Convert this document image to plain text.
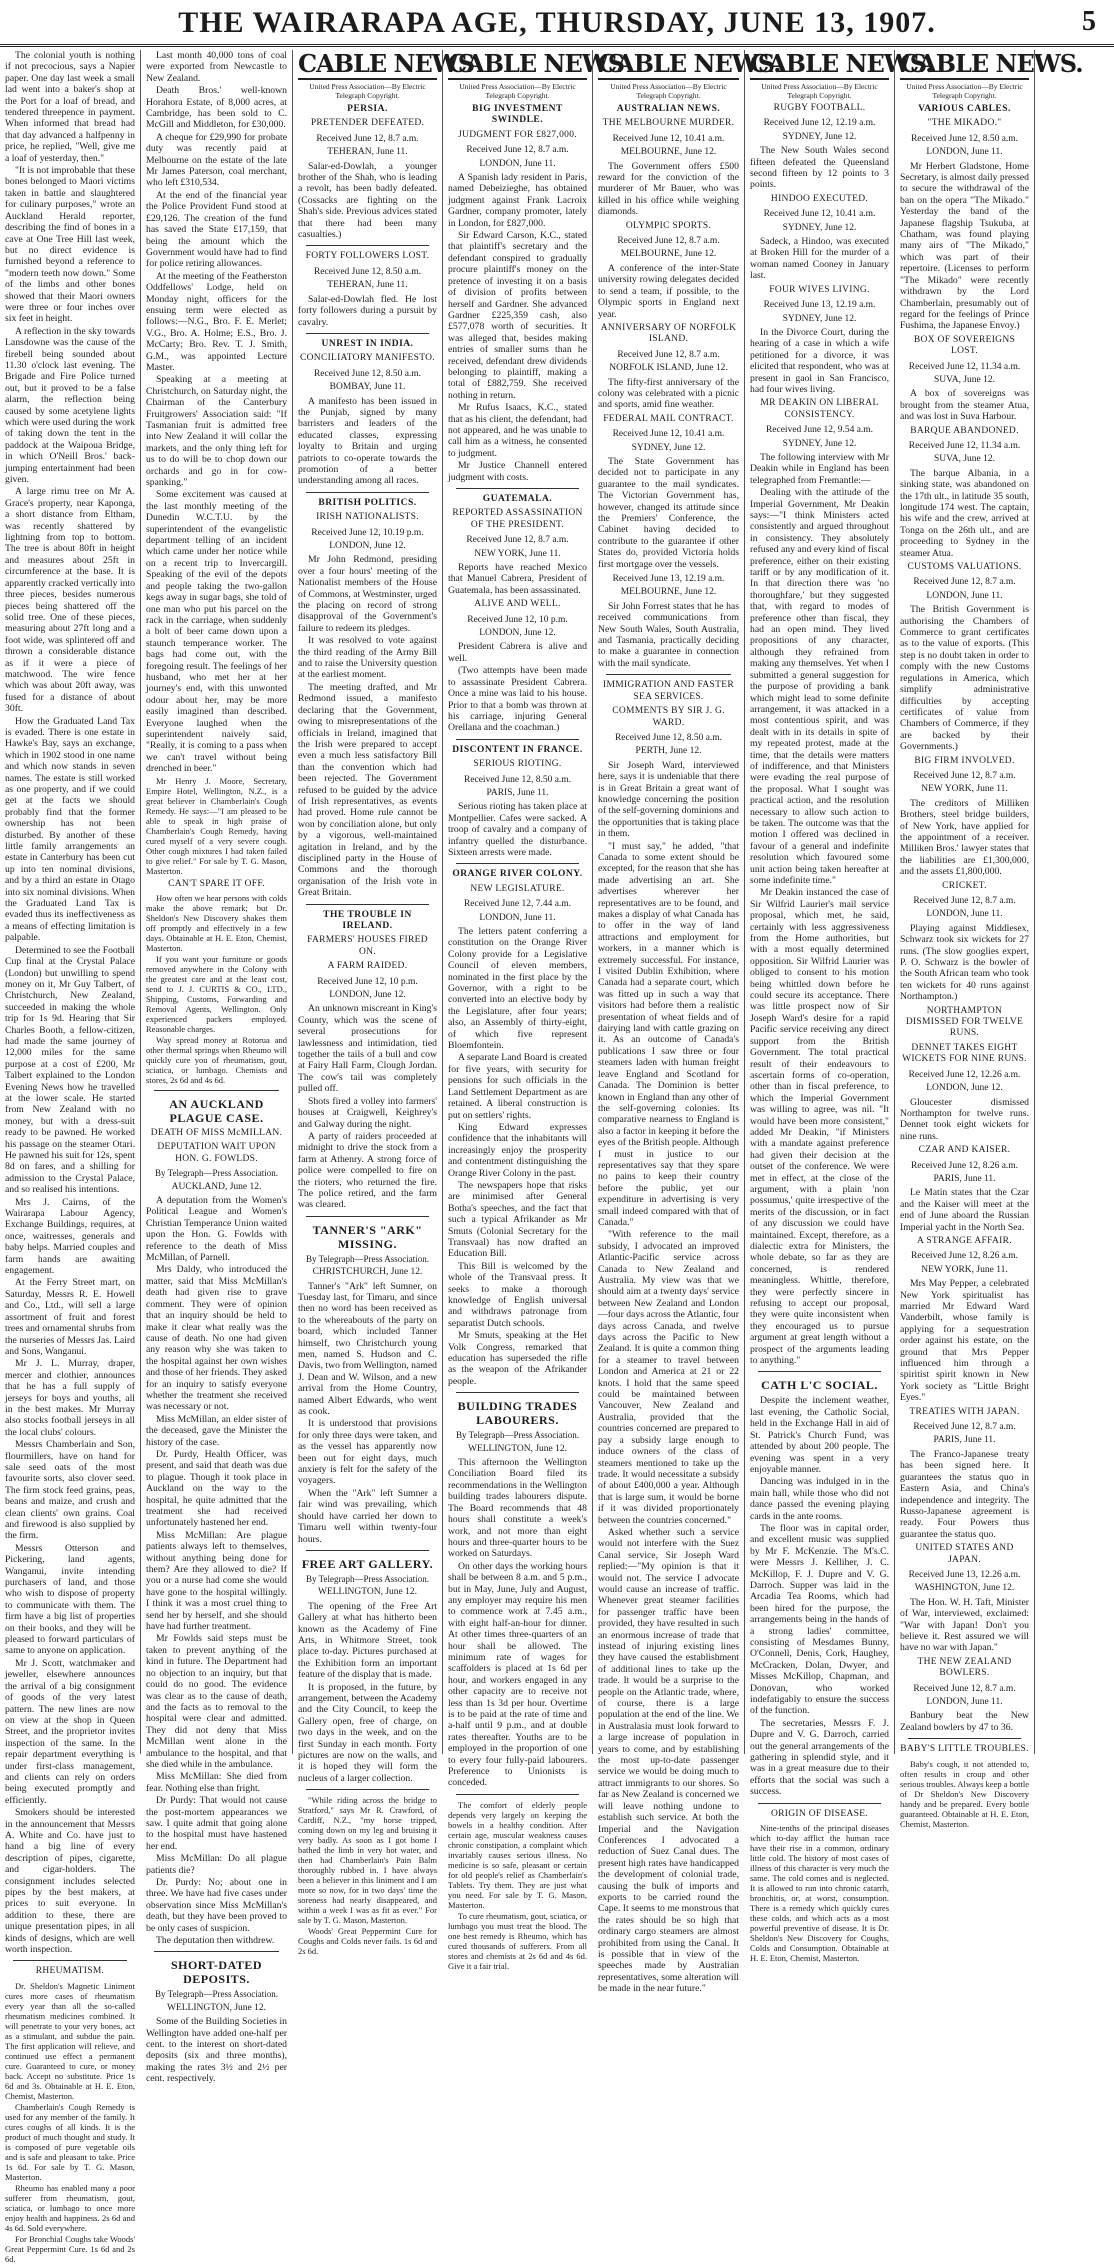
THE WAIRARAPA AGE, THURSDAY, JUNE 13, 1907.	5

The colonial youth is nothing if not precocious, says a Napier paper. One day last week a small lad went into a baker's shop at the Port for a loaf of bread, and tendered threepence in payment. When informed that bread had that day advanced a halfpenny in price, he replied, "Well, give me a loaf of yesterday, then."

"It is not improbable that these bones belonged to Maori victims taken in battle and slaughtered for culinary purposes," wrote an Auckland Herald reporter, describing the find of bones in a cave at One Tree Hill last week, but no direct evidence is furnished beyond a reference to "modern teeth now down." Some of the limbs and other bones showed that their Maori owners were three or four inches over six feet in height.

A reflection in the sky towards Lansdowne was the cause of the firebell being sounded about 11.30 o'clock last evening. The Brigade and Fire Police turned out, but it proved to be a false alarm, the reflection being caused by some acetylene lights which were used during the work of taking down the tent in the paddock at the Waipoua Bridge, in which O'Neill Bros.' back-jumping entertainment had been given.

A large rimu tree on Mr A. Grace's property, near Kaponga, a short distance from Eltham, was recently shattered by lightning from top to bottom. The tree is about 80ft in height and measures about 25ft in circumference at the base. It is apparently cracked vertically into three pieces, besides numerous pieces being shattered off the solid tree. One of these pieces, measuring about 27ft long and a foot wide, was splintered off and thrown a considerable distance as if it were a piece of matchwood. The wire fence which was about 20ft away, was fused for a distance of about 30ft.

How the Graduated Land Tax is evaded. There is one estate in Hawke's Bay, says an exchange, which in 1902 stood in one name and which now stands in seven names. The estate is still worked as one property, and if we could get at the facts we should probably find that the former ownership has not been disturbed. By another of these little family arrangements an estate in Canterbury has been cut up into ten nominal divisions, and by a third an estate in Otago into six nominal divisions. When the Graduated Land Tax is evaded thus its ineffectiveness as a means of effecting limitation is palpable.

Determined to see the Football Cup final at the Crystal Palace (London) but unwilling to spend money on it, Mr Guy Talbert, of Christchurch, New Zealand, succeeded in making the whole trip for 1s 9d. Hearing that Sir Charles Booth, a fellow-citizen, had made the same journey of 12,000 miles for the same purpose at a cost of £200, Mr Talbert explained to the London Evening News how he travelled at the lower scale. He started from New Zealand with no money, but with a dress-suit ready to be pawned. He worked his passage on the steamer Otari. He pawned his suit for 12s, spent 8d on fares, and a shilling for admission to the Crystal Palace, and so realised his intentions.

Mrs J. Cairns, of the Wairarapa Labour Agency, Exchange Buildings, requires, at once, waitresses, generals and baby helps. Married couples and farm hands are awaiting engagement.

At the Ferry Street mart, on Saturday, Messrs R. E. Howell and Co., Ltd., will sell a large assortment of fruit and forest trees and ornamental shrubs from the nurseries of Messrs Jas. Laird and Sons, Wanganui.

Mr J. L. Murray, draper, mercer and clothier, announces that he has a full supply of jerseys for boys and youths, all in the best makes. Mr Murray also stocks football jerseys in all the local clubs' colours.

Messrs Chamberlain and Son, flourmillers, have on hand for sale seed oats of the most favourite sorts, also clover seed. The firm stock feed grains, peas, beans and maize, and crush and clean clients' own grains. Coal and firewood is also supplied by the firm.

Messrs Otterson and Pickering, land agents, Wanganui, invite intending purchasers of land, and those who wish to dispose of property to communicate with them. The firm have a big list of properties on their books, and they will be pleased to forward particulars of same to anyone on application.

Mr J. Scott, watchmaker and jeweller, elsewhere announces the arrival of a big consignment of goods of the very latest pattern. The new lines are now on view at the shop in Queen Street, and the proprietor invites inspection of the same. In the repair department everything is under first-class management, and clients can rely on orders being executed promptly and efficiently.

Smokers should be interested in the announcement that Messrs A. White and Co. have just to hand a big line of every description of pipes, cigarette, and cigar-holders. The consignment includes selected pipes by the best makers, at prices to suit everyone. In addition to these, there are unique presentation pipes, in all kinds of designs, which are well worth inspection.

RHEUMATISM.

Dr. Sheldon's Magnetic Liniment cures more cases of rheumatism every year than all the so-called rheumatism medicines combined. It will penetrate to your very bones, act as a stimulant, and subdue the pain. The first application will relieve, and continued use effect a permanent cure. Guaranteed to cure, or money back. Accept no substitute. Price 1s 6d and 3s. Obtainable at H. E. Eton, Chemist, Masterton.

Chamberlain's Cough Remedy is used for any member of the family. It cures coughs of all kinds. It is the product of much thought and study. It is composed of pure vegetable oils and is safe and pleasant to take. Price 1s 6d. For sale by T. G. Mason, Masterton.

Rheumo has enabled many a poor sufferer from rheumatism, gout, sciatica, or lumbago to once more enjoy health and happiness. 2s 6d and 4s 6d. Sold everywhere.

For Bronchial Coughs take Woods' Great Peppermint Cure. 1s 6d and 2s 6d.

Last month 40,000 tons of coal were exported from Newcastle to New Zealand.

Death Bros.' well-known Horahora Estate, of 8,000 acres, at Cambridge, has been sold to C. McGill and Middleton, for £30,000.

A cheque for £29,990 for probate duty was recently paid at Melbourne on the estate of the late Mr James Paterson, coal merchant, who left £310,534.

At the end of the financial year the Police Provident Fund stood at £29,126. The creation of the fund has saved the State £17,159, that being the amount which the Government would have had to find for police retiring allowances.

At the meeting of the Featherston Oddfellows' Lodge, held on Monday night, officers for the ensuing term were elected as follows:—N.G., Bro. F. E. Merlet; V.G., Bro. A. Holme; E.S., Bro. J. McCarty; Bro. Rev. T. J. Smith, G.M., was appointed Lecture Master.

Speaking at a meeting at Christchurch, on Saturday night, the Chairman of the Canterbury Fruitgrowers' Association said: "If Tasmanian fruit is admitted free into New Zealand it will collar the markets, and the only thing left for us to do will be to chop down our orchards and go in for cow-spanking."

Some excitement was caused at the last monthly meeting of the Dunedin W.C.T.U. by the superintendent of the evangelistic department telling of an incident which came under her notice while on a recent trip to Invercargill. Speaking of the evil of the depots and people taking the two-gallon kegs away in sugar bags, she told of one man who put his parcel on the rack in the carriage, when suddenly a bolt of beer came down upon a staunch temperance worker. The bags had come out, with the foregoing result. The feelings of her husband, who met her at her journey's end, with this unwonted odour about her, may be more easily imagined than described. Everyone laughed when the superintendent naively said, "Really, it is coming to a pass when we can't travel without being drenched in beer."

Mr Henry J. Moore, Secretary, Empire Hotel, Wellington, N.Z., is a great believer in Chamberlain's Cough Remedy. He says:—"I am pleased to be able to speak in high praise of Chamberlain's Cough Remedy, having cured myself of a very severe cough. Other cough mixtures I had taken failed to give relief." For sale by T. G. Mason, Masterton.

CAN'T SPARE IT OFF.

How often we hear persons with colds make the above remark; but Dr. Sheldon's New Discovery shakes them off promptly and effectively in a few days. Obtainable at H. E. Eton, Chemist, Masterton.

If you want your furniture or goods removed anywhere in the Colony with the greatest care and at the least cost, send to J. J. CURTIS & CO., LTD., Shipping, Customs, Forwarding and Removal Agents, Wellington. Only experienced packers employed. Reasonable charges.

Way spread money at Rotorua and other thermal springs when Rheumo will quickly cure you of rheumatism, gout, sciatica, or lumbago. Chemists and stores, 2s 6d and 4s 6d.

AN AUCKLAND PLAGUE CASE.
DEATH OF MISS McMILLAN.
DEPUTATION WAIT UPON HON. G. FOWLDS.
By Telegraph—Press Association.
AUCKLAND, June 12.

A deputation from the Women's Political League and Women's Christian Temperance Union waited upon the Hon. G. Fowlds with reference to the death of Miss McMillan, of Parnell.

Mrs Daldy, who introduced the matter, said that Miss McMillan's death had given rise to grave comment. They were of opinion that an inquiry should be held to make it clear what really was the cause of death. No one had given any reason why she was taken to the hospital against her own wishes and those of her friends. They asked for an inquiry to satisfy everyone whether the treatment she received was necessary or not.

Miss McMillan, an elder sister of the deceased, gave the Minister the history of the case.

Dr. Purdy, Health Officer, was present, and said that death was due to plague. Though it took place in Auckland on the way to the hospital, he quite admitted that the treatment she had received unfortunately hastened her end.

Miss McMillan: Are plague patients always left to themselves, without anything being done for them? Are they allowed to die? If you or a nurse had come she would have gone to the hospital willingly. I think it was a most cruel thing to send her by herself, and she should have had further treatment.

Mr Fowlds said steps must be taken to prevent anything of the kind in future. The Department had no objection to an inquiry, but that could do no good. The evidence was clear as to the cause of death, and the facts as to removal to the hospital were clear and admitted. They did not deny that Miss McMillan went alone in the ambulance to the hospital, and that she died while in the ambulance.

Miss McMillan: She died from fear. Nothing else than fright.

Dr Purdy: That would not cause the post-mortem appearances we saw. I quite admit that going alone to the hospital must have hastened her end.

Miss McMillan: Do all plague patients die?

Dr. Purdy: No; about one in three. We have had five cases under observation since Miss McMillan's death, but they have been proved to be only cases of suspicion.

The deputation then withdrew.

SHORT-DATED DEPOSITS.
By Telegraph—Press Association.
WELLINGTON, June 12.

Some of the Building Societies in Wellington have added one-half per cent. to the interest on short-dated deposits (six and three months), making the rates 3½ and 2½ per cent. respectively.

CABLE NEWS
United Press Association—By Electric Telegraph Copyright.
PERSIA.
PRETENDER DEFEATED.
Received June 12, 8.7 a.m.
TEHERAN, June 11.

Salar-ed-Dowlah, a younger brother of the Shah, who is leading a revolt, has been badly defeated. (Cossacks are fighting on the Shah's side. Previous advices stated that there had been many casualties.)

FORTY FOLLOWERS LOST.
Received June 12, 8.50 a.m.
TEHERAN, June 11.

Salar-ed-Dowlah fled. He lost forty followers during a pursuit by cavalry.

UNREST IN INDIA.
CONCILIATORY MANIFESTO.
Received June 12, 8.50 a.m.
BOMBAY, June 11.

A manifesto has been issued in the Punjab, signed by many barristers and leaders of the educated classes, expressing loyalty to Britain and urging patriots to co-operate towards the promotion of a better understanding among all races.

BRITISH POLITICS.
IRISH NATIONALISTS.
Received June 12, 10.19 p.m.
LONDON, June 12.

Mr John Redmond, presiding over a four hours' meeting of the Nationalist members of the House of Commons, at Westminster, urged the placing on record of strong disapproval of the Government's failure to redeem its pledges.

It was resolved to vote against the third reading of the Army Bill and to raise the University question at the earliest moment.

The meeting drafted, and Mr Redmond issued, a manifesto declaring that the Government, owing to misrepresentations of the officials in Ireland, imagined that the Irish were prepared to accept even a much less satisfactory Bill than the convention which had been rejected. The Government refused to be guided by the advice of Irish representatives, as events had proved. Home rule cannot be won by conciliation alone, but only by a vigorous, well-maintained agitation in Ireland, and by the disciplined party in the House of Commons and the thorough organisation of the Irish vote in Great Britain.

THE TROUBLE IN IRELAND.
FARMERS' HOUSES FIRED ON.
A FARM RAIDED.
Received June 12, 10 p.m.
LONDON, June 12.

An unknown miscreant in King's County, which was the scene of several prosecutions for lawlessness and intimidation, tied together the tails of a bull and cow at Fairy Hall Farm, Clough Jordan. The cow's tail was completely pulled off.

Shots fired a volley into farmers' houses at Craigwell, Keighrey's and Galway during the night.

A party of raiders proceeded at midnight to drive the stock from a farm at Athenry. A strong force of police were compelled to fire on the rioters, who returned the fire. The police retired, and the farm was cleared.

TANNER'S "ARK" MISSING.
By Telegraph—Press Association.
CHRISTCHURCH, June 12.

Tanner's "Ark" left Sumner, on Tuesday last, for Timaru, and since then no word has been received as to the whereabouts of the party on board, which included Tanner himself, two Christchurch young men, named S. Hudson and C. Davis, two from Wellington, named J. Dean and W. Wilson, and a new arrival from the Home Country, named Albert Edwards, who went as cook.

It is understood that provisions for only three days were taken, and as the vessel has apparently now been out for eight days, much anxiety is felt for the safety of the voyagers.

When the "Ark" left Sumner a fair wind was prevailing, which should have carried her down to Timaru well within twenty-four hours.

FREE ART GALLERY.
By Telegraph—Press Association.
WELLINGTON, June 12.

The opening of the Free Art Gallery at what has hitherto been known as the Academy of Fine Arts, in Whitmore Street, took place to-day. Pictures purchased at the Exhibition form an important feature of the display that is made.

It is proposed, in the future, by arrangement, between the Academy and the City Council, to keep the Gallery open, free of charge, on two days in the week, and on the first Sunday in each month. Forty pictures are now on the walls, and it is hoped they will form the nucleus of a larger collection.

"While riding across the bridge to Stratford," says Mr R. Crawford, of Cardiff, N.Z., "my horse tripped, coming down on my leg and bruising it very badly. As soon as I got home I bathed the limb in very hot water, and then had Chamberlain's Pain Balm thoroughly rubbed in. I have always been a believer in this liniment and I am more so now, for in two days' time the soreness had nearly disappeared, and within a week I was as fit as ever." For sale by T. G. Mason, Masterton.

Woods' Great Peppermint Cure for Coughs and Colds never fails. 1s 6d and 2s 6d.

CABLE NEWS
United Press Association—By Electric Telegraph Copyright.
BIG INVESTMENT SWINDLE.
JUDGMENT FOR £827,000.
Received June 12, 8.7 a.m.
LONDON, June 11.

A Spanish lady resident in Paris, named Debeizieghe, has obtained judgment against Frank Lacroix Gardner, company promoter, lately in London, for £827,000.

Sir Edward Carson, K.C., stated that plaintiff's secretary and the defendant conspired to gradually procure plaintiff's money on the pretence of investing it on a basis of division of profits between herself and Gardner. She advanced Gardner £225,359 cash, also £577,078 worth of securities. It was alleged that, besides making entries of smaller sums than he received, defendant drew dividends belonging to plaintiff, making a total of £882,759. She received nothing in return.

Mr Rufus Isaacs, K.C., stated that as his client, the defendant, had not appeared, and he was unable to call him as a witness, he consented to judgment.

Mr Justice Channell entered judgment with costs.

GUATEMALA.
REPORTED ASSASSINATION OF THE PRESIDENT.
Received June 12, 8.7 a.m.
NEW YORK, June 11.

Reports have reached Mexico that Manuel Cabrera, President of Guatemala, has been assassinated.

ALIVE AND WELL.
Received June 12, 10 p.m.
LONDON, June 12.

President Cabrera is alive and well.

(Two attempts have been made to assassinate President Cabrera. Once a mine was laid to his house. Prior to that a bomb was thrown at his carriage, injuring General Orellana and the coachman.)

DISCONTENT IN FRANCE.
SERIOUS RIOTING.
Received June 12, 8.50 a.m.
PARIS, June 11.

Serious rioting has taken place at Montpellier. Cafes were sacked. A troop of cavalry and a company of infantry quelled the disturbance. Sixteen arrests were made.

ORANGE RIVER COLONY.
NEW LEGISLATURE.
Received June 12, 7.44 a.m.
LONDON, June 11.

The letters patent conferring a constitution on the Orange River Colony provide for a Legislative Council of eleven members, nominated in the first place by the Governor, with a right to be converted into an elective body by the Legislature, after four years; also, an Assembly of thirty-eight, of which five represent Bloemfontein.

A separate Land Board is created for five years, with security for pensions for such officials in the Land Settlement Department as are retained. A liberal construction is put on settlers' rights.

King Edward expresses confidence that the inhabitants will increasingly enjoy the prosperity and contentment distinguishing the Orange River Colony in the past.

The newspapers hope that risks are minimised after General Botha's speeches, and the fact that such a typical Afrikander as Mr Smuts (Colonial Secretary for the Transvaal) has now drafted an Education Bill.

This Bill is welcomed by the whole of the Transvaal press. It seeks to make a thorough knowledge of English universal and withdraws patronage from separatist Dutch schools.

Mr Smuts, speaking at the Het Volk Congress, remarked that education has superseded the rifle as the weapon of the Afrikander people.

BUILDING TRADES LABOURERS.
By Telegraph—Press Association.
WELLINGTON, June 12.

This afternoon the Wellington Conciliation Board filed its recommendations in the Wellington building trades labourers dispute. The Board recommends that 48 hours shall constitute a week's work, and not more than eight hours and three-quarter hours to be worked on Saturdays.

On other days the working hours shall be between 8 a.m. and 5 p.m., but in May, June, July and August, any employer may require his men to commence work at 7.45 a.m., with eight half-an-hour for dinner. At other times three-quarters of an hour shall be allowed. The minimum rate of wages for scaffolders is placed at 1s 6d per hour, and workers engaged in any other capacity are to receive not less than 1s 3d per hour. Overtime is to be paid at the rate of time and a-half until 9 p.m., and at double rates thereafter. Youths are to be employed in the proportion of one to every four fully-paid labourers. Preference to Unionists is conceded.

The comfort of elderly people depends very largely on keeping the bowels in a healthy condition. After certain age, muscular weakness causes chronic constipation, a complaint which invariably causes serious illness. No medicine is so safe, pleasant or certain for old people's relief as Chamberlain's Tablets. Try them. They are just what you need. For sale by T. G. Mason, Masterton.

To cure rheumatism, gout, sciatica, or lumbago you must treat the blood. The one best remedy is Rheumo, which has cured thousands of sufferers. From all stores and chemists at 2s 6d and 4s 6d. Give it a fair trial.

CABLE NEWS.
United Press Association—By Electric Telegraph Copyright.
AUSTRALIAN NEWS.
THE MELBOURNE MURDER.
Received June 12, 10.41 a.m.
MELBOURNE, June 12.

The Government offers £500 reward for the conviction of the murderer of Mr Bauer, who was killed in his office while weighing diamonds.

OLYMPIC SPORTS.
Received June 12, 8.7 a.m.
MELBOURNE, June 12.

A conference of the inter-State university rowing delegates decided to send a team, if possible, to the Olympic sports in England next year.

ANNIVERSARY OF NORFOLK ISLAND.
Received June 12, 8.7 a.m.
NORFOLK ISLAND, June 12.

The fifty-first anniversary of the colony was celebrated with a picnic and sports, amid fine weather.

FEDERAL MAIL CONTRACT.
Received June 12, 10.41 a.m.
SYDNEY, June 12.

The State Government has decided not to participate in any guarantee to the mail syndicates. The Victorian Government has, however, changed its attitude since the Premiers' Conference, the Cabinet having decided to contribute to the guarantee if other States do, provided Victoria holds first mortgage over the vessels.

Received June 13, 12.19 a.m.
MELBOURNE, June 12.

Sir John Forrest states that he has received communications from New South Wales, South Australia, and Tasmania, practically deciding to make a guarantee in connection with the mail syndicate.

IMMIGRATION AND FASTER SEA SERVICES.
COMMENTS BY SIR J. G. WARD.
Received June 12, 8.50 a.m.
PERTH, June 12.

Sir Joseph Ward, interviewed here, says it is undeniable that there is in Great Britain a great want of knowledge concerning the position of the self-governing dominions and the opportunities that is taking place in them.

"I must say," he added, "that Canada to some extent should be excepted, for the reason that she has made advertising an art. She advertises wherever her representatives are to be found, and makes a display of what Canada has to offer in the way of land attractions and employment for workers, in a manner which is extremely successful. For instance, I visited Dublin Exhibition, where Canada had a separate court, which was fitted up in such a way that visitors had before them a realistic presentation of wheat fields and of dairying land with cattle grazing on it. As an outcome of Canada's publications I saw three or four steamers laden with human freight leave England and Scotland for Canada. The Dominion is better known in England than any other of the self-governing colonies. Its comparative nearness to England is also a factor in keeping it before the eyes of the British people. Although I must in justice to our representatives say that they spare no pains to keep their country before the public, yet our expenditure in advertising is very small indeed compared with that of Canada."

"With reference to the mail subsidy, I advocated an improved Atlantic-Pacific service across Canada to New Zealand and Australia. My view was that we should aim at a twenty days' service between New Zealand and London—four days across the Atlantic, four days across Canada, and twelve days across the Pacific to New Zealand. It is quite a common thing for a steamer to travel between London and America at 21 or 22 knots. I hold that the same speed could be maintained between Vancouver, New Zealand and Australia, provided that the countries concerned are prepared to pay a subsidy large enough to induce owners of the class of steamers mentioned to take up the trade. It would necessitate a subsidy of about £400,000 a year. Although that is large sum, it would be borne if it was divided proportionately between the countries concerned."

Asked whether such a service would not interfere with the Suez Canal service, Sir Joseph Ward replied:—"My opinion is that it would not. The service I advocate would cause an increase of traffic. Whenever great steamer facilities for passenger traffic have been provided, they have resulted in such an enormous increase of trade that instead of injuring existing lines they have caused the establishment of additional lines to take up the trade. It would be a surprise to the people on the Atlantic trade, where, of course, there is a large population at the end of the line. We in Australasia must look forward to a large increase of population in years to come, and by establishing the most up-to-date passenger service we would be doing much to attract immigrants to our shores. So far as New Zealand is concerned we will leave nothing undone to establish such service. At both the Imperial and the Navigation Conferences I advocated a reduction of Suez Canal dues. The present high rates have handicapped the development of colonial trade, causing the bulk of imports and exports to be carried round the Cape. It seems to me monstrous that the rates should be so high that ordinary cargo steamers are almost prohibited from using the Canal. It is possible that in view of the speeches made by Australian representatives, some alteration will be made in the near future."

CABLE NEWS.
United Press Association—By Electric Telegraph Copyright.
RUGBY FOOTBALL.
Received June 12, 12.19 a.m.
SYDNEY, June 12.

The New South Wales second fifteen defeated the Queensland second fifteen by 12 points to 3 points.

HINDOO EXECUTED.
Received June 12, 10.41 a.m.
SYDNEY, June 12.

Sadeck, a Hindoo, was executed at Broken Hill for the murder of a woman named Cooney in January last.

FOUR WIVES LIVING.
Received June 13, 12.19 a.m.
SYDNEY, June 12.

In the Divorce Court, during the hearing of a case in which a wife petitioned for a divorce, it was elicited that respondent, who was at present in gaol in San Francisco, had four wives living.

MR DEAKIN ON LIBERAL CONSISTENCY.
Received June 12, 9.54 a.m.
SYDNEY, June 12.

The following interview with Mr Deakin while in England has been telegraphed from Fremantle:—

Dealing with the attitude of the Imperial Government, Mr Deakin says:—"I think Ministers acted consistently and argued throughout in consistency. They absolutely refused any and every kind of fiscal preference, either on their existing tariff or by any modification of it. In that direction there was 'no thoroughfare,' but they suggested that, with regard to modes of preference other than fiscal, they had an open mind. They lived propositions of any character, although they refrained from making any themselves. Yet when I submitted a general suggestion for the purpose of providing a bank which might lead to some definite arrangement, it was attacked in a most contentious spirit, and was dealt with in its details in spite of my repeated protest, made at the time, that the details were matters of indifference, and that Ministers were evading the real purpose of the proposal. What I sought was practical action, and the resolution necessary to allow such action to be taken. The outcome was that the motion I offered was declined in favour of a general and indefinite resolution which favoured some unit action being taken hereafter at some indefinite time."

Mr Deakin instanced the case of Sir Wilfrid Laurier's mail service proposal, which met, he said, certainly with less aggressiveness from the Home authorities, but with a most equally determined opposition. Sir Wilfrid Laurier was obliged to consent to his motion being whittled down before he could secure its acceptance. There was little prospect now of Sir Joseph Ward's desire for a rapid Pacific service receiving any direct support from the British Government. The total practical result of their endeavours to ascertain forms of co-operation, other than in fiscal preference, to which the Imperial Government was willing to agree, was nil. "It would have been more consistent," added Mr Deakin, "if Ministers with a mandate against preference had given their decision at the outset of the conference. We were met in effect, at the close of the argument, with a plain 'non possumus,' quite irrespective of the merits of the discussion, or in fact of any discussion we could have maintained. Except, therefore, as a dialectic extra for Ministers, the whole debate, so far as they are concerned, is rendered meaningless. Whittle, therefore, they were perfectly sincere in refusing to accept our proposal, they were quite inconsistent when they encouraged us to pursue argument at great length without a prospect of the arguments leading to anything."

CATH L'C SOCIAL.

Despite the inclement weather, last evening, the Catholic Social, held in the Exchange Hall in aid of St. Patrick's Church Fund, was attended by about 200 people. The evening was spent in a very enjoyable manner.

Dancing was indulged in in the main hall, while those who did not dance passed the evening playing cards in the ante rooms.

The floor was in capital order, and excellent music was supplied by Mr F. McKenzie. The M's.C. were Messrs J. Kelliher, J. C. McKillop, F. J. Dupre and V. G. Darroch. Supper was laid in the Arcadia Tea Rooms, which had been hired for the purpose, the arrangements being in the hands of a strong ladies' committee, consisting of Mesdames Bunny, O'Connell, Denis, Cork, Haughey, McCracken, Dolan, Dwyer, and Misses McKillop, Chapman, and Donovan, who worked indefatigably to ensure the success of the function.

The secretaries, Messrs F. J. Dupre and V. G. Darroch, carried out the general arrangements of the gathering in splendid style, and it was in a great measure due to their efforts that the social was such a success.

ORIGIN OF DISEASE.

Nine-tenths of the principal diseases which to-day afflict the human race have their rise in a common, ordinary little cold. The history of most cases of illness of this character is very much the same. The cold comes and is neglected. It is allowed to run into chronic catarrh, bronchitis, or, at worst, consumption. There is a remedy which quickly cures these colds, and which acts as a most powerful preventive of disease. It is Dr. Sheldon's New Discovery for Coughs, Colds and Consumption. Obtainable at H. E. Eton, Chemist, Masterton.

CABLE NEWS.
United Press Association—By Electric Telegraph Copyright.
VARIOUS CABLES.
"THE MIKADO."
Received June 12, 8.50 a.m.
LONDON, June 11.

Mr Herbert Gladstone, Home Secretary, is almost daily pressed to secure the withdrawal of the ban on the opera "The Mikado." Yesterday the band of the Japanese flagship Tsukuba, at Chatham, was found playing many airs of "The Mikado," which was part of their repertoire. (Licenses to perform "The Mikado" were recently withdrawn by the Lord Chamberlain, presumably out of regard for the feelings of Prince Fushima, the Japanese Envoy.)

BOX OF SOVEREIGNS LOST.
Received June 12, 11.34 a.m.
SUVA, June 12.

A box of sovereigns was brought from the steamer Atua, and was lost in Suva Harbour.

BARQUE ABANDONED.
Received June 12, 11.34 a.m.
SUVA, June 12.

The barque Albania, in a sinking state, was abandoned on the 17th ult., in latitude 35 south, longitude 174 west. The captain, his wife and the crew, arrived at Tonga on the 26th ult., and are proceeding to Sydney in the steamer Atua.

CUSTOMS VALUATIONS.
Received June 12, 8.7 a.m.
LONDON, June 11.

The British Government is authorising the Chambers of Commerce to grant certificates as to the value of exports. (This step is no doubt taken in order to comply with the new Customs regulations in America, which simplify administrative difficulties by accepting certificates of value from Chambers of Commerce, if they are backed by their Governments.)

BIG FIRM INVOLVED.
Received June 12, 8.7 a.m.
NEW YORK, June 11.

The creditors of Milliken Brothers, steel bridge builders, of New York, have applied for the appointment of a receiver. Milliken Bros.' lawyer states that the liabilities are £1,300,000, and the assets £1,800,000.

CRICKET.
Received June 12, 8.7 a.m.
LONDON, June 11.

Playing against Middlesex, Schwarz took six wickets for 27 runs. (The slow googlies expert, P. O. Schwarz is the bowler of the South African team who took ten wickets for 40 runs against Northampton.)

NORTHAMPTON DISMISSED FOR TWELVE RUNS.
DENNET TAKES EIGHT WICKETS FOR NINE RUNS.
Received June 12, 12.26 a.m.
LONDON, June 12.

Gloucester dismissed Northampton for twelve runs. Dennet took eight wickets for nine runs.

CZAR AND KAISER.
Received June 12, 8.26 a.m.
PARIS, June 11.

Le Matin states that the Czar and the Kaiser will meet at the end of June aboard the Russian Imperial yacht in the North Sea.

A STRANGE AFFAIR.
Received June 12, 8.26 a.m.
NEW YORK, June 11.

Mrs May Pepper, a celebrated New York spiritualist has married Mr Edward Ward Vanderbilt, whose family is applying for a sequestration order against his estate, on the ground that Mrs Pepper influenced him through a spiritist spirit known in New York society as "Little Bright Eyes."

TREATIES WITH JAPAN.
Received June 12, 8.7 a.m.
PARIS, June 11.

The Franco-Japanese treaty has been signed here. It guarantees the status quo in Eastern Asia, and China's independence and integrity. The Russo-Japanese agreement is ready. Four Powers thus guarantee the status quo.

UNITED STATES AND JAPAN.
Received June 13, 12.26 a.m.
WASHINGTON, June 12.

The Hon. W. H. Taft, Minister of War, interviewed, exclaimed: "War with Japan! Don't you believe it. Rest assured we will have no war with Japan."

THE NEW ZEALAND BOWLERS.
Received June 12, 8.7 a.m.
LONDON, June 11.

Banbury beat the New Zealand bowlers by 47 to 36.

BABY'S LITTLE TROUBLES.

Baby's cough, it not attended to, often results in croup and other serious troubles. Always keep a bottle of Dr Sheldon's New Discovery handy and be prepared. Every bottle guaranteed. Obtainable at H. E. Eton, Chemist, Masterton.
